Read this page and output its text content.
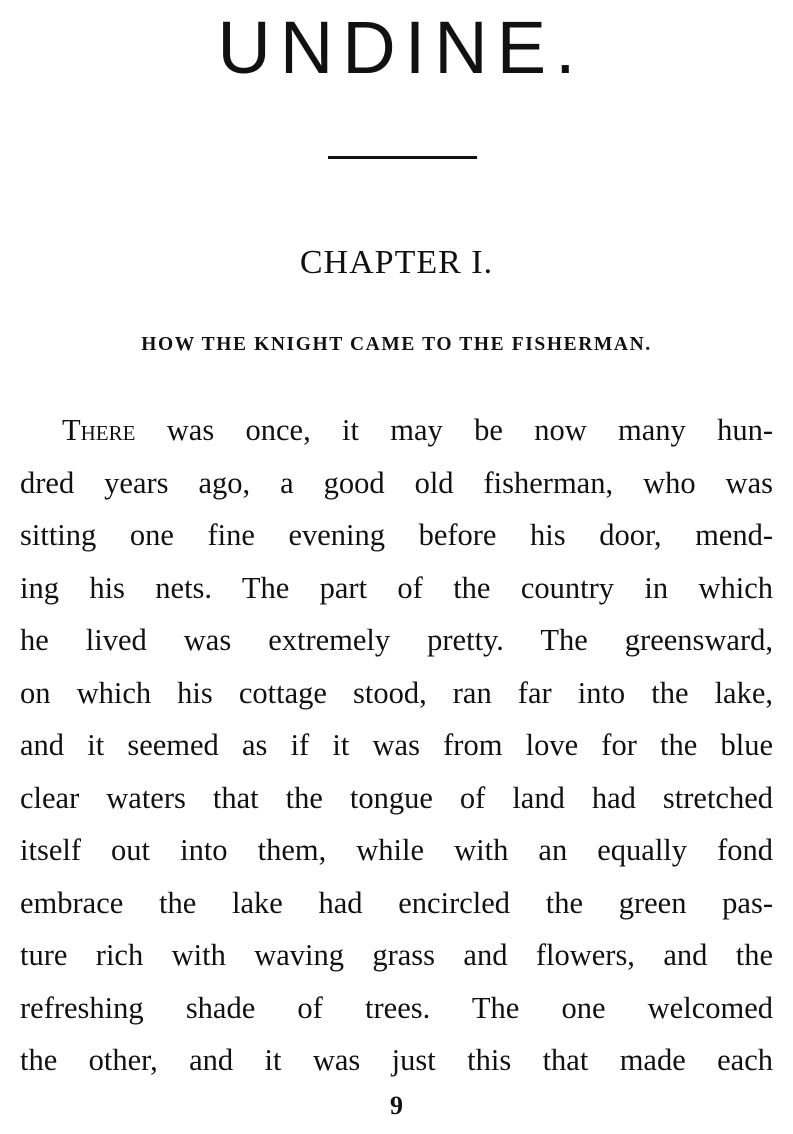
UNDINE.
CHAPTER I.
HOW THE KNIGHT CAME TO THE FISHERMAN.
There was once, it may be now many hun-
dred years ago, a good old fisherman, who was
sitting one fine evening before his door, mend-
ing his nets. The part of the country in which
he lived was extremely pretty. The greensward,
on which his cottage stood, ran far into the lake,
and it seemed as if it was from love for the blue
clear waters that the tongue of land had stretched
itself out into them, while with an equally fond
embrace the lake had encircled the green pas-
ture rich with waving grass and flowers, and the
refreshing shade of trees. The one welcomed
the other, and it was just this that made each
9
